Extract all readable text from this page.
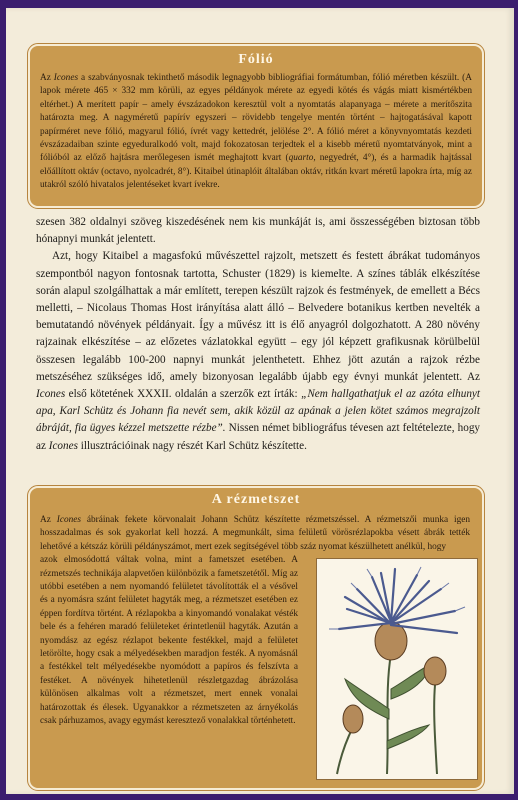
Fólió
Az Icones a szabványosnak tekinthető második legnagyobb bibliográfiai formátumban, fólió méretben készült. (A lapok mérete 465 × 332 mm körüli, az egyes példányok mérete az egyedi kötés és vágás miatt kismértékben eltérhet.) A merített papír – amely évszázadokon keresztül volt a nyomtatás alapanyaga – mérete a merítőszita határozta meg. A nagyméretű papírív egyszeri – rövidebb tengelye mentén történt – hajtogatásával kapott papírméret neve fólió, magyarul fólió, ívrét vagy kettedrét, jelölése 2°. A fólió méret a könyvnyomtatás kezdeti évszázadaiban szinte egyeduralkodó volt, majd fokozatosan terjedtek el a kisebb méretű nyomtatványok, mint a fólióból az előző hajtásra merőlegesen ismét meghajtott kvart (quarto, negyedrét, 4°), és a harmadik hajtással előállított oktáv (octavo, nyolcadrét, 8°). Kitaibel útinaplóit általában oktáv, ritkán kvart méretű lapokra írta, míg az utakról szóló hivatalos jelentéseket kvart ívekre.

szesen 382 oldalnyi szöveg kiszedésének nem kis munkáját is, ami összességében biztosan több hónapnyi munkát jelentett.

Azt, hogy Kitaibel a magasfokú művészettel rajzolt, metszett és festett ábrákat tudományos szempontból nagyon fontosnak tartotta, Schuster (1829) is kiemelte. A színes táblák elkészítése során alapul szolgálhattak a már említett, terepen készült rajzok és festmények, de emellett a Bécs melletti, – Nicolaus Thomas Host irányítása alatt álló – Belvedere botanikus kertben nevelték a bemutatandó növények példányait. Így a művész itt is élő anyagról dolgozhatott. A 280 növény rajzainak elkészítése – az előzetes vázlatokkal együtt – egy jól képzett grafikusnak körülbelül összesen legalább 100-200 napnyi munkát jelenthetett. Ehhez jött azután a rajzok rézbe metszéséhez szükséges idő, amely bizonyosan legalább újabb egy évnyi munkát jelentett. Az Icones első kötetének XXXII. oldalán a szerzők ezt írták: „Nem hallgathatjuk el az azóta elhunyt apa, Karl Schütz és Johann fia nevét sem, akik közül az apának a jelen kötet számos megrajzolt ábráját, fia ügyes kézzel metszette rézbe”. Nissen német bibliográfus tévesen azt feltételezte, hogy az Icones illusztrációinak nagy részét Karl Schütz készítette.

A rézmetszet
Az Icones ábráinak fekete körvonalait Johann Schütz készítette rézmetszéssel. A rézmetszői munka igen hosszadalmas és sok gyakorlat kell hozzá. A megmunkált, sima felületű vörösrézlapokba vésett ábrák tették lehetővé a kétszáz körüli példányszámot, mert ezek segítségével több száz nyomat készülhetett anélkül, hogy
azok elmosódottá váltak volna, mint a fametszet esetében. A rézmetszés technikája alapvetően különbözik a fametszetétől. Míg az utóbbi esetében a nem nyomandó felületet távolították el a vésővel és a nyomásra szánt felületet hagyták meg, a rézmetszet esetében ez éppen fordítva történt. A rézlapokba a kinyomandó vonalakat vésték bele és a fehéren maradó felületeket érintetlenül hagyták. Azután a nyomdász az egész rézlapot bekente festékkel, majd a felületet letörölte, hogy csak a mélyedésekben maradjon festék. A nyomásnál a festékkel telt mélyedésekbe nyomódott a papíros és felszívta a festéket. A növények hihetetlenül részletgazdag ábrázolása különösen alkalmas volt a rézmetszet, mert ennek vonalai határozottak és élesek. Ugyanakkor a rézmetszeten az árnyékolás csak párhuzamos, avagy egymást keresztező vonalakkal történhetett.
